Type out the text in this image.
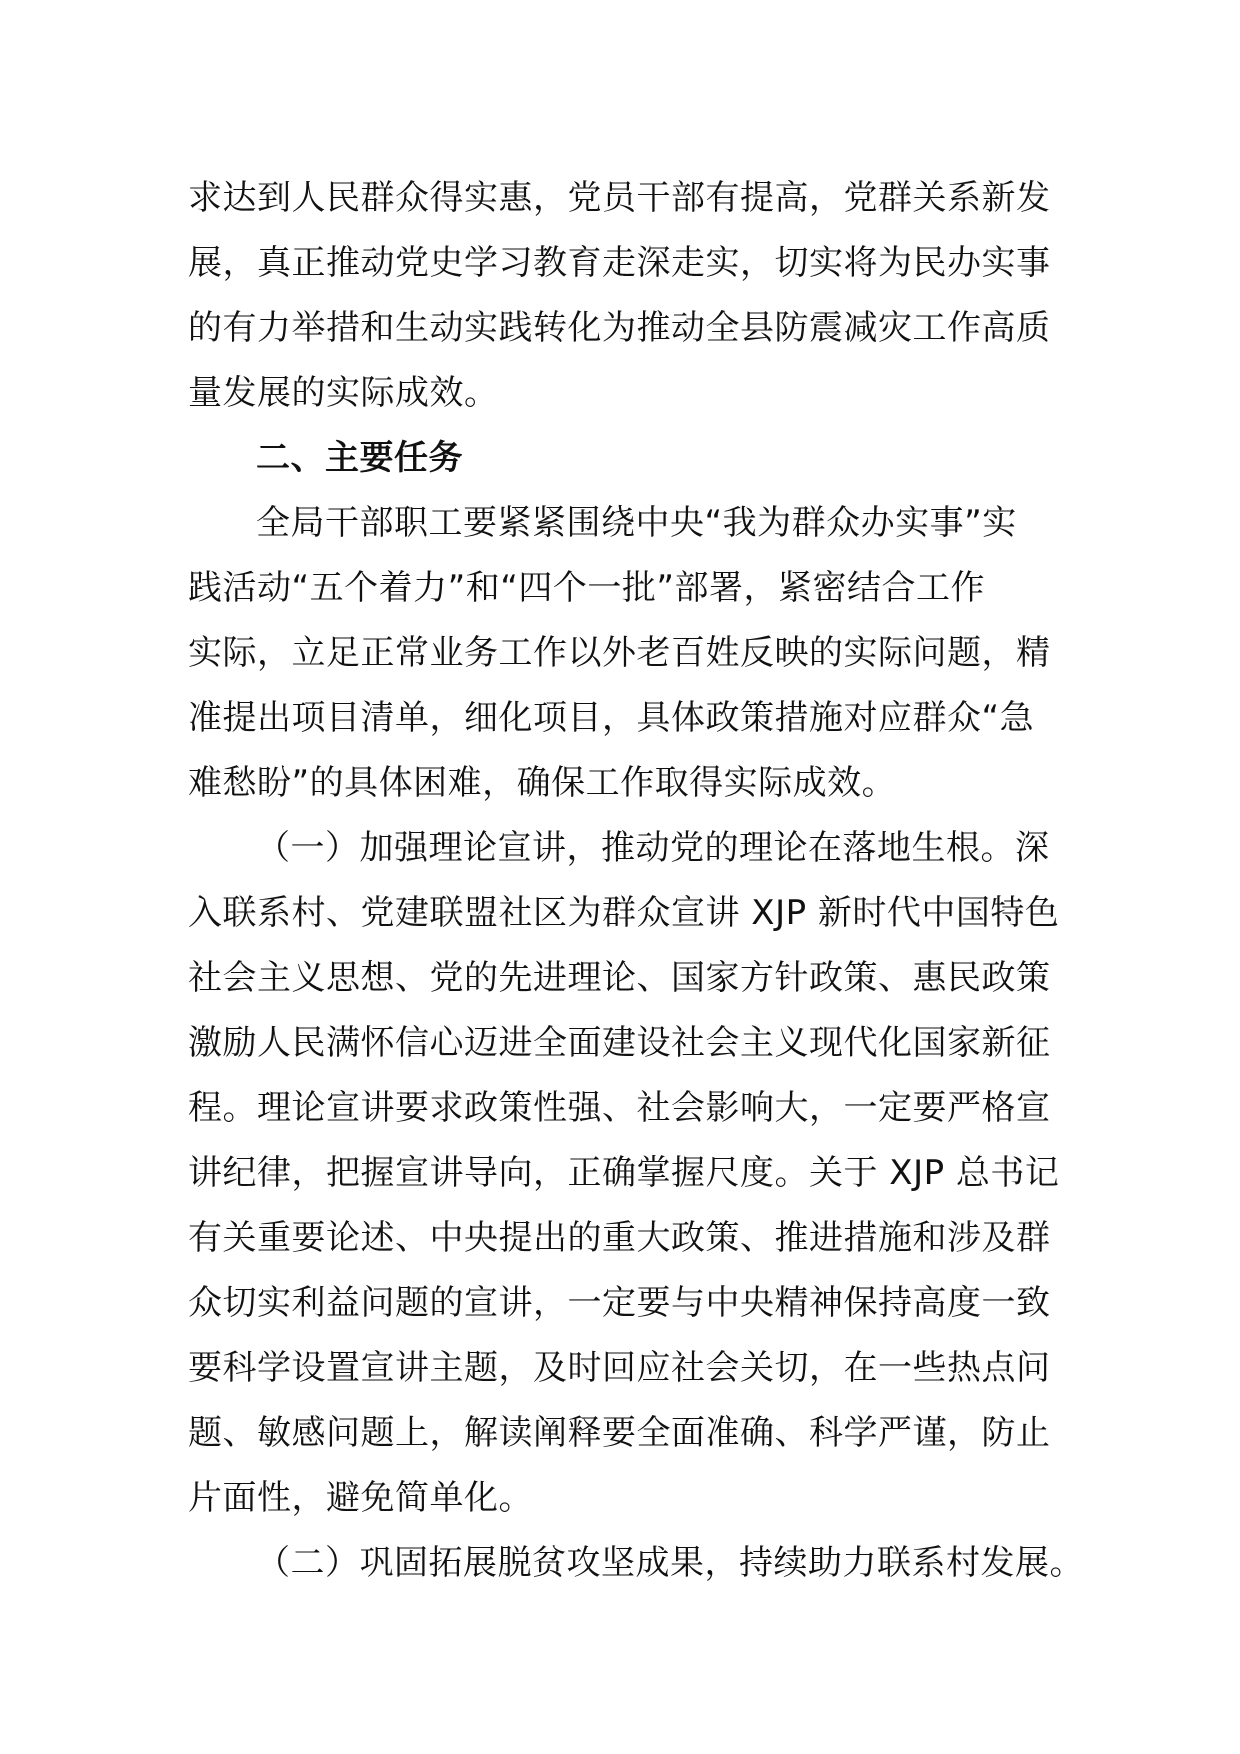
求达到人民群众得实惠，党员干部有提高，党群关系新发
展，真正推动党史学习教育走深走实，切实将为民办实事
的有力举措和生动实践转化为推动全县防震减灾工作高质
量发展的实际成效。
二、主要任务
全局干部职工要紧紧围绕中央“我为群众办实事”实
践活动“五个着力”和“四个一批”部署，紧密结合工作
实际，立足正常业务工作以外老百姓反映的实际问题，精
准提出项目清单，细化项目，具体政策措施对应群众“急
难愁盼”的具体困难，确保工作取得实际成效。
（一）加强理论宣讲，推动党的理论在落地生根。深
入联系村、党建联盟社区为群众宣讲 XJP 新时代中国特色
社会主义思想、党的先进理论、国家方针政策、惠民政策
激励人民满怀信心迈进全面建设社会主义现代化国家新征
程。理论宣讲要求政策性强、社会影响大，一定要严格宣
讲纪律，把握宣讲导向，正确掌握尺度。关于 XJP 总书记
有关重要论述、中央提出的重大政策、推进措施和涉及群
众切实利益问题的宣讲，一定要与中央精神保持高度一致
要科学设置宣讲主题，及时回应社会关切，在一些热点问
题、敏感问题上，解读阐释要全面准确、科学严谨，防止
片面性，避免简单化。
（二）巩固拓展脱贫攻坚成果，持续助力联系村发展。
